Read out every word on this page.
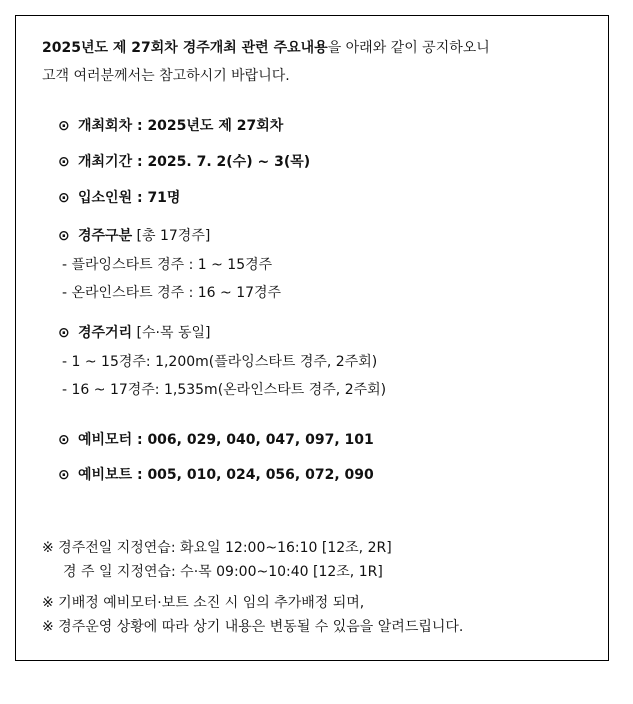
2025년도 제 27회차 경주개최 관련 주요내용을 아래와 같이 공지하오니
고객 여러분께서는 참고하시기 바랍니다.
⊙ 개최회차 : 2025년도 제 27회차
⊙ 개최기간 : 2025. 7. 2(수) ~ 3(목)
⊙ 입소인원 : 71명
⊙ 경주구분 [총 17경주]
- 플라잉스타트 경주 : 1 ~ 15경주
- 온라인스타트 경주 : 16 ~ 17경주
⊙ 경주거리 [수·목 동일]
- 1 ~ 15경주: 1,200m(플라잉스타트 경주, 2주회)
- 16 ~ 17경주: 1,535m(온라인스타트 경주, 2주회)
⊙ 예비모터 : 006, 029, 040, 047, 097, 101
⊙ 예비보트 : 005, 010, 024, 056, 072, 090
※ 경주전일 지정연습: 화요일 12:00~16:10 [12조, 2R]
경 주 일 지정연습: 수·목 09:00~10:40 [12조, 1R]
※ 기배정 예비모터·보트 소진 시 임의 추가배정 되며,
※ 경주운영 상황에 따라 상기 내용은 변동될 수 있음을 알려드립니다.
